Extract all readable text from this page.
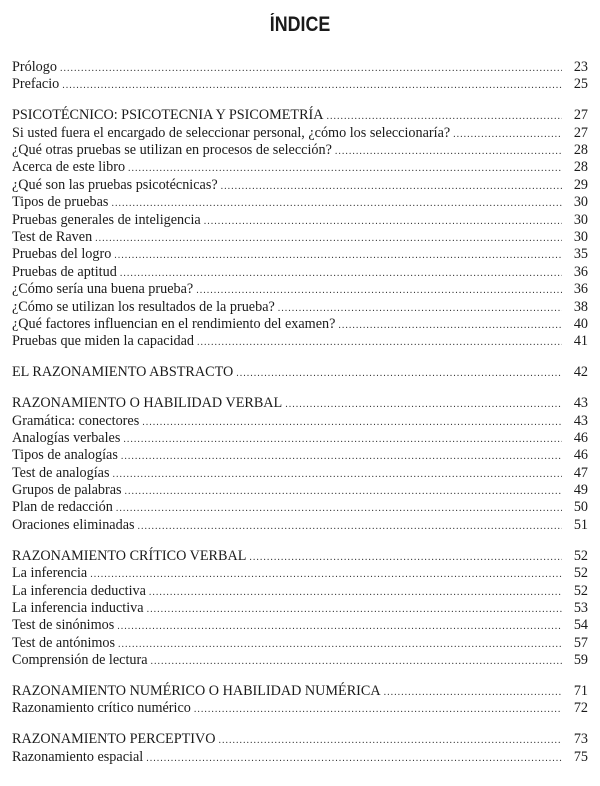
ÍNDICE
Prólogo .....	23
Prefacio .....	25
PSICOTÉCNICO: PSICOTECNIA Y PSICOMETRÍA .....	27
Si usted fuera el encargado de seleccionar personal, ¿cómo los seleccionaría? .....	27
¿Qué otras pruebas se utilizan en procesos de selección? .....	28
Acerca de este libro .....	28
¿Qué son las pruebas psicotécnicas? .....	29
Tipos de pruebas .....	30
Pruebas generales de inteligencia .....	30
Test de Raven .....	30
Pruebas del logro .....	35
Pruebas de aptitud .....	36
¿Cómo sería una buena prueba? .....	36
¿Cómo se utilizan los resultados de la prueba? .....	38
¿Qué factores influencian en el rendimiento del examen? .....	40
Pruebas que miden la capacidad .....	41
EL RAZONAMIENTO ABSTRACTO .....	42
RAZONAMIENTO O HABILIDAD VERBAL .....	43
Gramática: conectores .....	43
Analogías verbales .....	46
Tipos de analogías .....	46
Test de analogías .....	47
Grupos de palabras .....	49
Plan de redacción .....	50
Oraciones eliminadas .....	51
RAZONAMIENTO CRÍTICO VERBAL .....	52
La inferencia .....	52
La inferencia deductiva .....	52
La inferencia inductiva .....	53
Test de sinónimos .....	54
Test de antónimos .....	57
Comprensión de lectura .....	59
RAZONAMIENTO NUMÉRICO O HABILIDAD NUMÉRICA .....	71
Razonamiento crítico numérico .....	72
RAZONAMIENTO PERCEPTIVO .....	73
Razonamiento espacial .....	75
